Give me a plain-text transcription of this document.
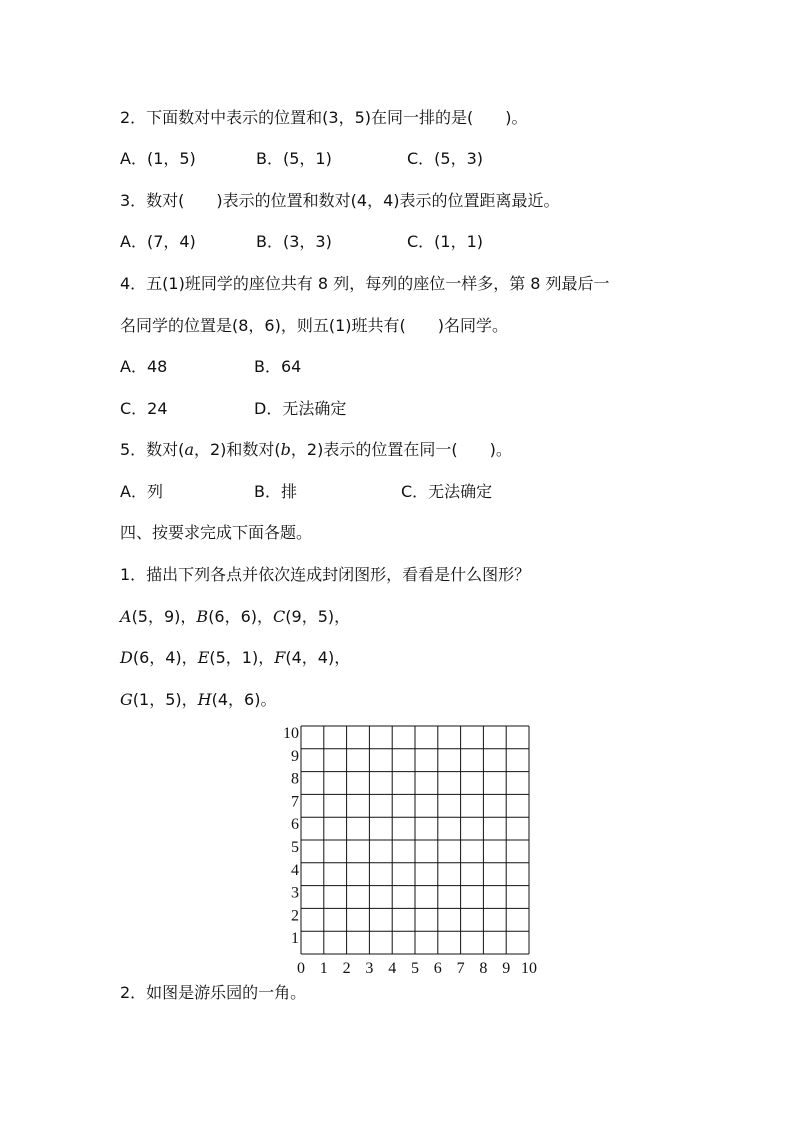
2．下面数对中表示的位置和(3，5)在同一排的是(　　)。
A．(1，5)	B．(5，1)	C．(5，3)
3．数对(　　)表示的位置和数对(4，4)表示的位置距离最近。
A．(7，4)	B．(3，3)	C．(1，1)
4．五(1)班同学的座位共有 8 列，每列的座位一样多，第 8 列最后一
名同学的位置是(8，6)，则五(1)班共有(　　)名同学。
A．48	B．64
C．24	D．无法确定
5．数对(a，2)和数对(b，2)表示的位置在同一(　　)。
A．列	B．排	C．无法确定
四、按要求完成下面各题。
1．描出下列各点并依次连成封闭图形，看看是什么图形？
A(5，9)，B(6，6)，C(9，5)，
D(6，4)，E(5，1)，F(4，4)，
G(1，5)，H(4，6)。
0 1 2 3 4 5 6 7 8 9 10
1
2
3
4
5
6
7
8
9
10
2．如图是游乐园的一角。
